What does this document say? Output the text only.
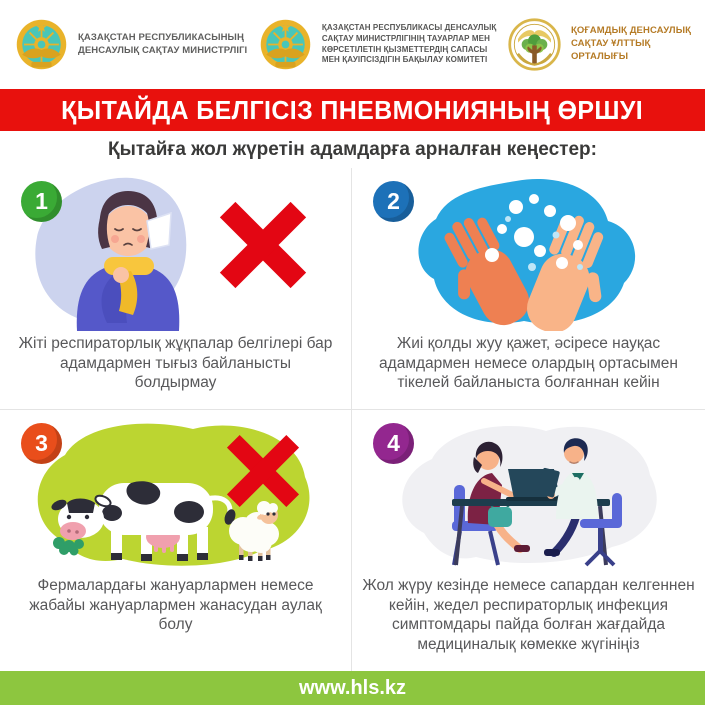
ҚАЗАҚСТАН РЕСПУБЛИКАСЫНЫҢ
ДЕНСАУЛЫҚ САҚТАУ МИНИСТРЛІГІ
ҚАЗАҚСТАН РЕСПУБЛИКАСЫ ДЕНСАУЛЫҚ
САҚТАУ МИНИСТРЛІГІНІҢ ТАУАРЛАР МЕН
КӨРСЕТІЛЕТІН ҚЫЗМЕТТЕРДІҢ САПАСЫ
МЕН ҚАУІПСІЗДІГІН БАҚЫЛАУ КОМИТЕТІ
ҚОҒАМДЫҚ ДЕНСАУЛЫҚ
САҚТАУ ҰЛТТЫҚ
ОРТАЛЫҒЫ
ҚЫТАЙДА БЕЛГІСІЗ ПНЕВМОНИЯНЫҢ ӨРШУІ
Қытайға жол жүретін адамдарға арналған кеңестер:
1

Жіті респираторлық жұқпалар белгілері бар адамдармен тығыз байланысты болдырмау

2

Жиі қолды жуу қажет, әсіресе науқас адамдармен немесе олардың ортасымен тікелей байланыста болғаннан кейін

3

Фермалардағы жануарлармен немесе жабайы жануарлармен жанасудан аулақ болу

4

Жол жүру кезінде немесе сапардан келгеннен кейін, жедел респираторлық инфекция симптомдары пайда болған жағдайда медициналық көмекке жүгініңіз

www.hls.kz
